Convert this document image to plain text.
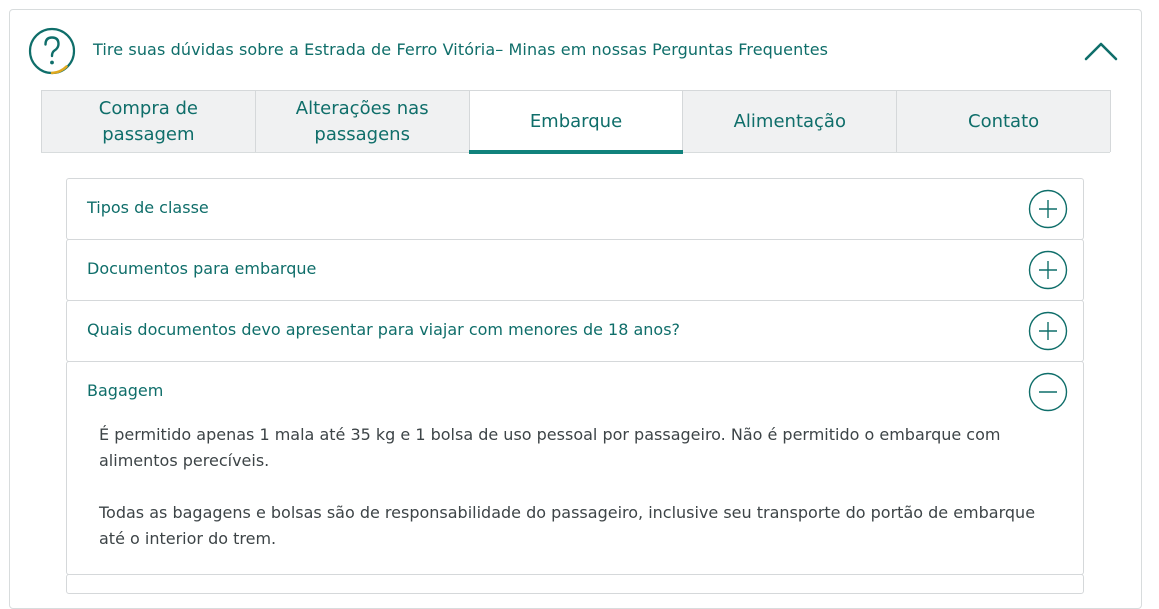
Tire suas dúvidas sobre a Estrada de Ferro Vitória– Minas em nossas Perguntas Frequentes
Compra de passagem
Alterações nas passagens
Embarque	Alimentação	Contato
Tipos de classe
Documentos para embarque
Quais documentos devo apresentar para viajar com menores de 18 anos?
Bagagem

É permitido apenas 1 mala até 35 kg e 1 bolsa de uso pessoal por passageiro. Não é permitido o embarque com alimentos perecíveis.

Todas as bagagens e bolsas são de responsabilidade do passageiro, inclusive seu transporte do portão de embarque até o interior do trem.
